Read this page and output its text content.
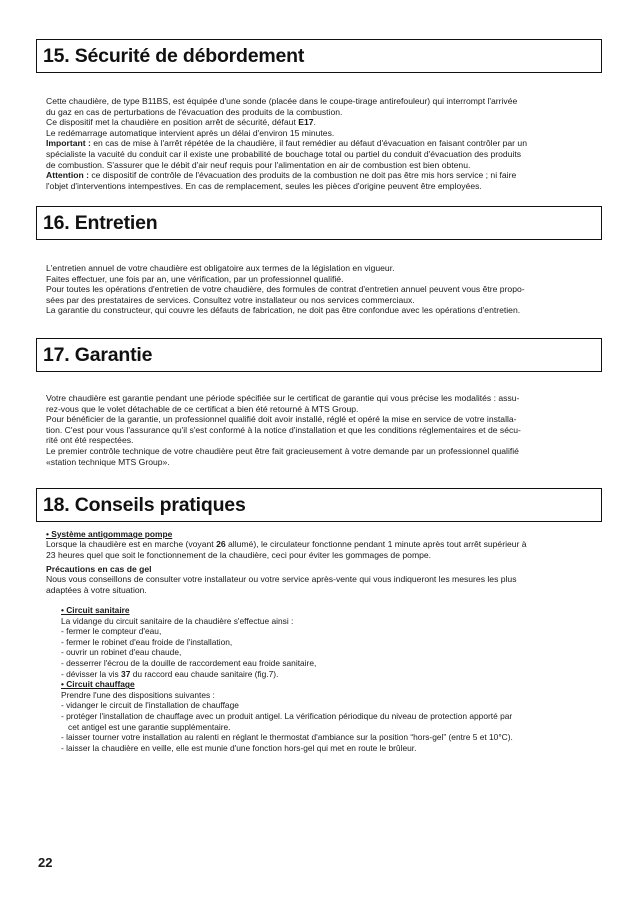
15. Sécurité de débordement

Cette chaudière, de type B11BS, est équipée d'une sonde (placée dans le coupe-tirage antirefouleur) qui interrompt l'arrivée

du gaz en cas de perturbations de l'évacuation des produits de la combustion.

Ce dispositif met la chaudière en position arrêt de sécurité, défaut E17.

Le redémarrage automatique intervient après un délai d'environ 15 minutes.

Important : en cas de mise à l'arrêt répétée de la chaudière, il faut remédier au défaut d'évacuation en faisant contrôler par un

spécialiste la vacuité du conduit car il existe une probabilité de bouchage total ou partiel du conduit d'évacuation des produits

de combustion. S'assurer que le débit d'air neuf requis pour l'alimentation en air de combustion est bien obtenu.

Attention : ce dispositif de contrôle de l'évacuation des produits de la combustion ne doit pas être mis hors service ; ni faire

l'objet d'interventions intempestives. En cas de remplacement, seules les pièces d'origine peuvent être employées.

16. Entretien

L'entretien annuel de votre chaudière est obligatoire aux termes de la législation en vigueur.

Faites effectuer, une fois par an, une vérification, par un professionnel qualifié.

Pour toutes les opérations d'entretien de votre chaudière, des formules de contrat d'entretien annuel peuvent vous être propo-

sées par des prestataires de services. Consultez votre installateur ou nos services commerciaux.

La garantie du constructeur, qui couvre les défauts de fabrication, ne doit pas être confondue avec les opérations d'entretien.

17. Garantie

Votre chaudière est garantie pendant une période spécifiée sur le certificat de garantie qui vous précise les modalités : assu-

rez-vous que le volet détachable de ce certificat a bien été retourné à MTS Group.

Pour bénéficier de la garantie, un professionnel qualifié doit avoir installé, réglé et opéré la mise en service de votre installa-

tion. C'est pour vous l'assurance qu'il s'est conformé à la notice d'installation et que les conditions réglementaires et de sécu-

rité ont été respectées.

Le premier contrôle technique de votre chaudière peut être fait gracieusement à votre demande par un professionnel qualifié

«station technique MTS Group».

18. Conseils pratiques

• Système antigommage pompe

Lorsque la chaudière est en marche (voyant 26 allumé), le circulateur fonctionne pendant 1 minute après tout arrêt supérieur à

23 heures quel que soit le fonctionnement de la chaudière, ceci pour éviter les gommages de pompe.

Précautions en cas de gel

Nous vous conseillons de consulter votre installateur ou votre service après-vente qui vous indiqueront les mesures les plus

adaptées à votre situation.

• Circuit sanitaire

La vidange du circuit sanitaire de la chaudière s'effectue ainsi :

- fermer le compteur d'eau,

- fermer le robinet d'eau froide de l'installation,

- ouvrir un robinet d'eau chaude,

- desserrer l'écrou de la douille de raccordement eau froide sanitaire,

- dévisser la vis 37 du raccord eau chaude sanitaire (fig.7).

• Circuit chauffage

Prendre l'une des dispositions suivantes :

- vidanger le circuit de l'installation de chauffage

- protéger l'installation de chauffage avec un produit antigel. La vérification périodique du niveau de protection apporté par

cet antigel est une garantie supplémentaire.

- laisser tourner votre installation au ralenti en réglant le thermostat d'ambiance sur la position “hors-gel” (entre 5 et 10°C).

- laisser la chaudière en veille, elle est munie d'une fonction hors-gel qui met en route le brûleur.

22
